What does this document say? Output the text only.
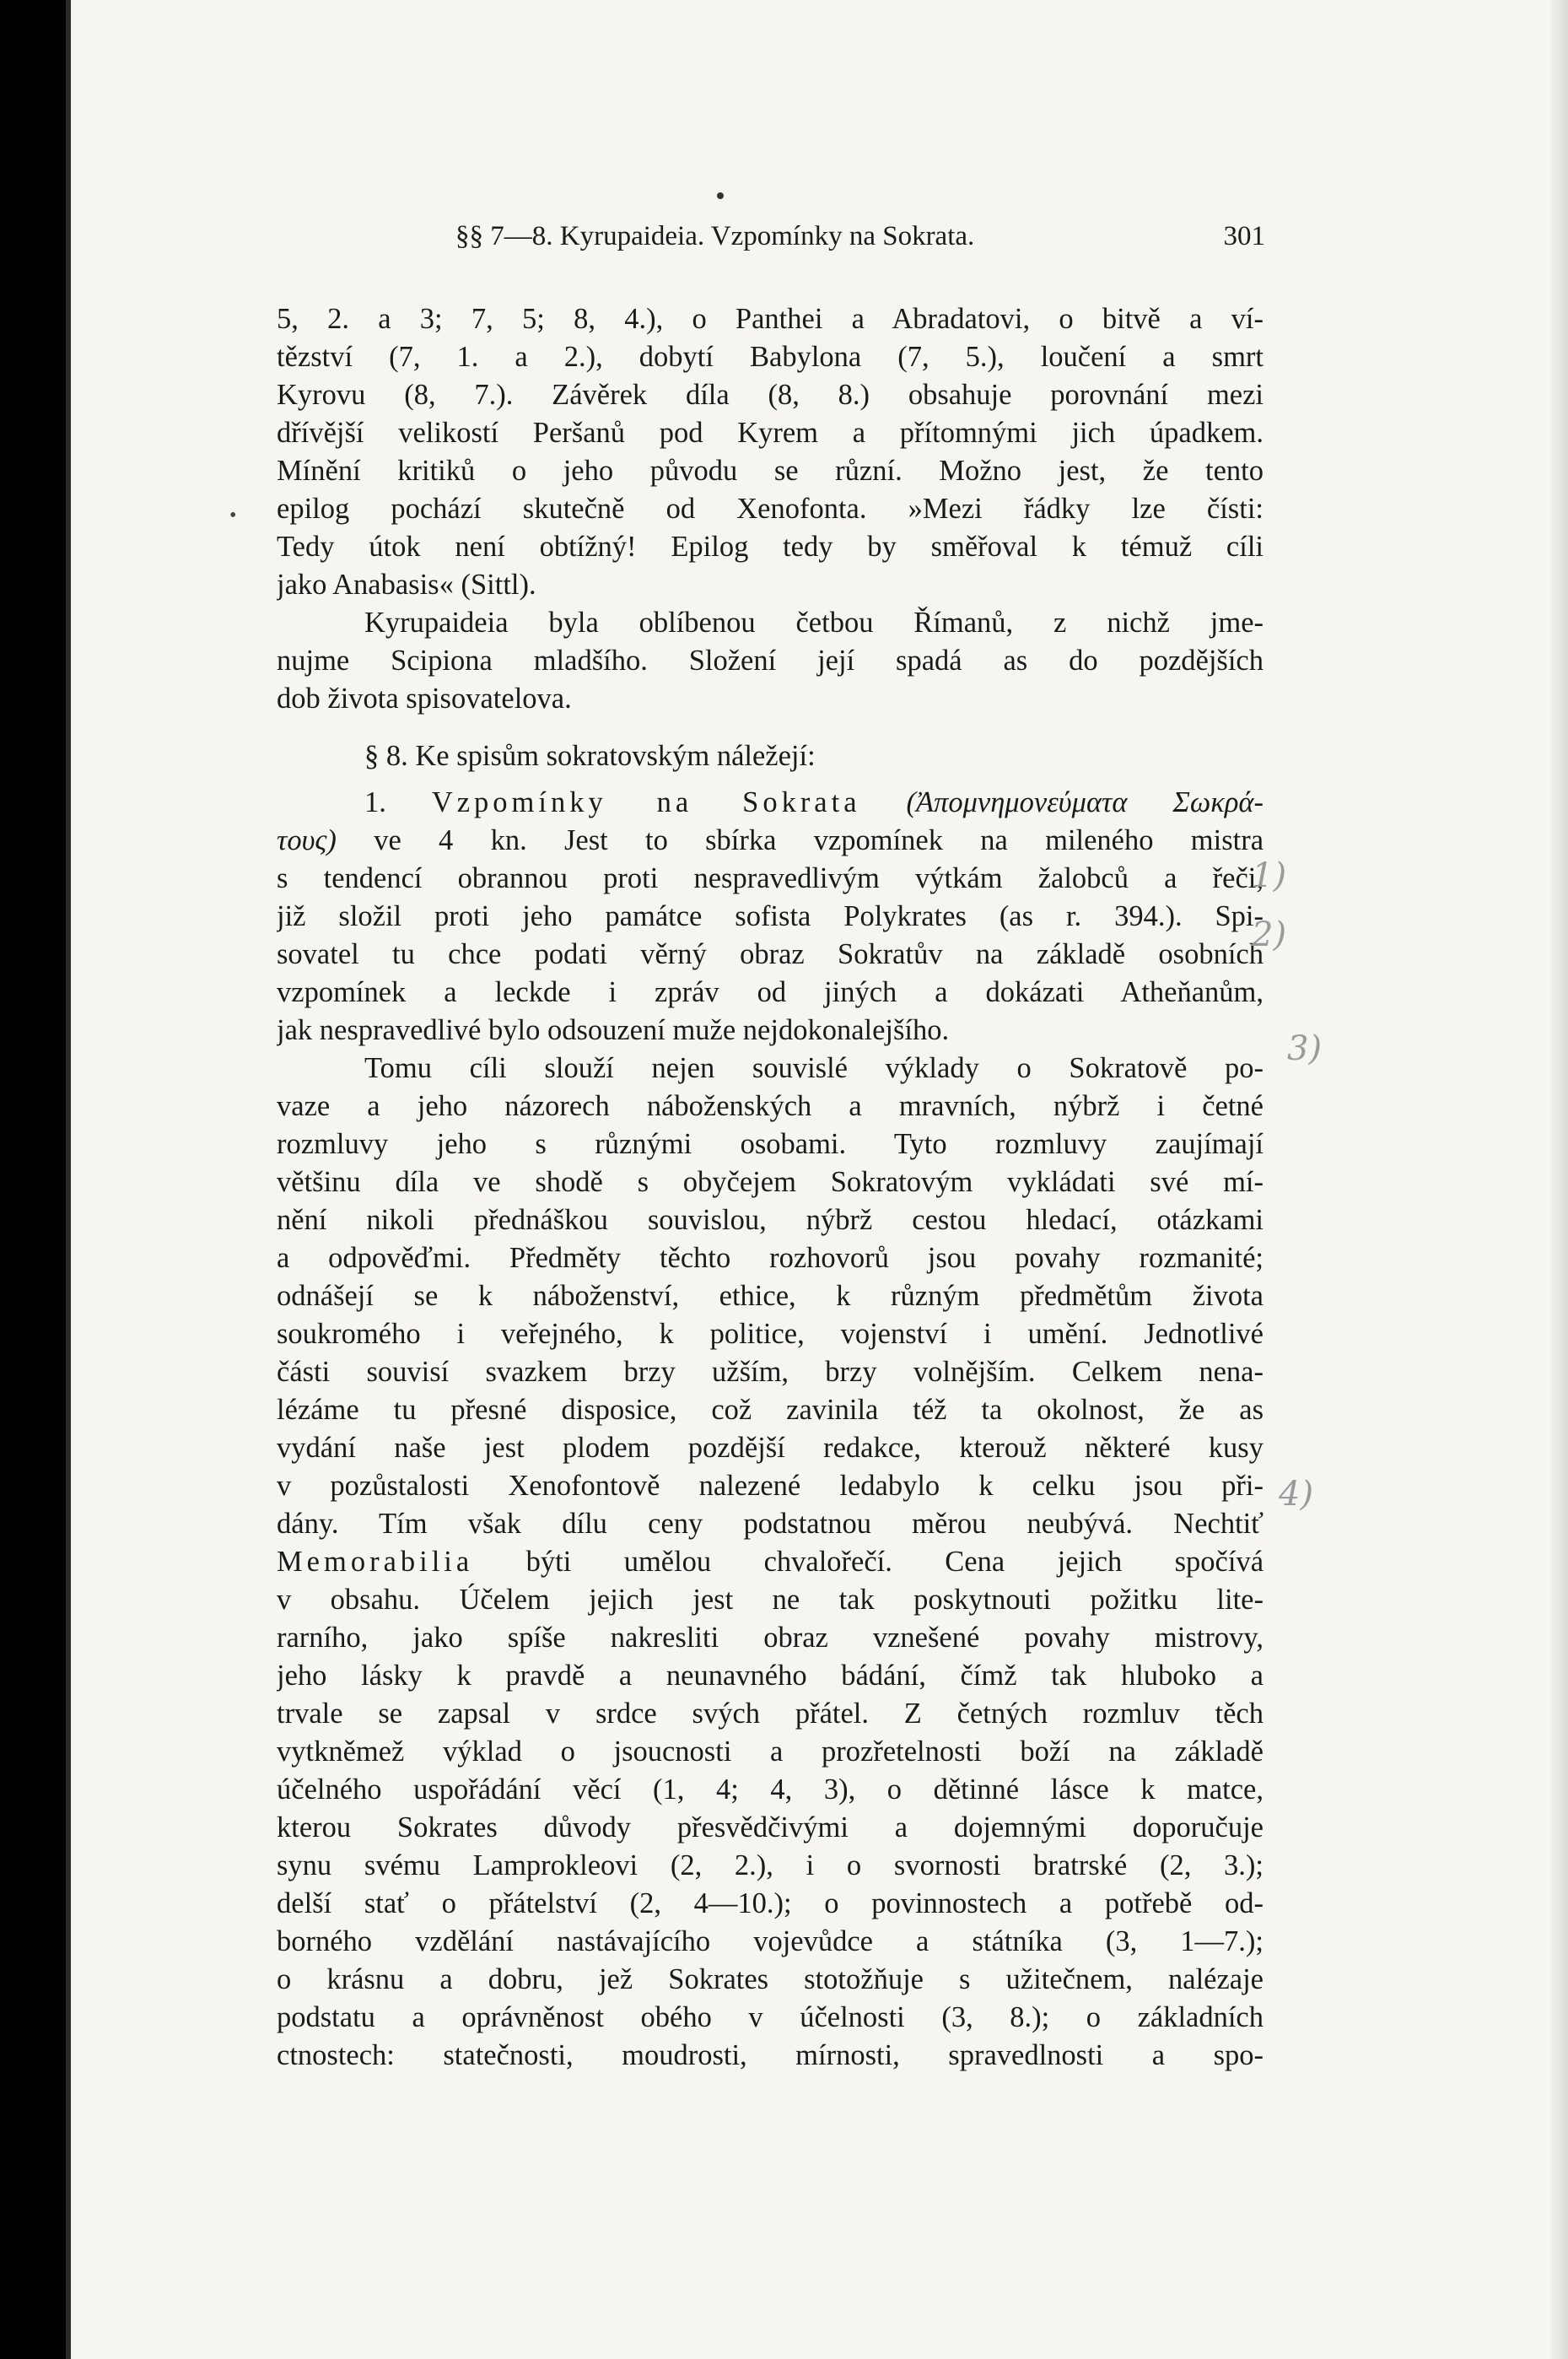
§§ 7—8. Kyrupaideia. Vzpomínky na Sokrata.	301
•
5, 2. a 3; 7, 5; 8, 4.), o Panthei a Abradatovi, o bitvě a ví-
tězství (7, 1. a 2.), dobytí Babylona (7, 5.), loučení a smrt
Kyrovu (8, 7.). Závěrek díla (8, 8.) obsahuje porovnání mezi
dřívější velikostí Peršanů pod Kyrem a přítomnými jich úpadkem.
Mínění kritiků o jeho původu se různí. Možno jest, že tento
epilog pochází skutečně od Xenofonta. »Mezi řádky lze čísti:
Tedy útok není obtížný! Epilog tedy by směřoval k témuž cíli
jako Anabasis« (Sittl).
Kyrupaideia byla oblíbenou četbou Římanů, z nichž jme-
nujme Scipiona mladšího. Složení její spadá as do pozdějších
dob života spisovatelova.
§ 8. Ke spisům sokratovským náležejí:
1. Vzpomínky na Sokrata (Ἀπομνημονεύματα Σωκρά-
τους) ve 4 kn. Jest to sbírka vzpomínek na mileného mistra
s tendencí obrannou proti nespravedlivým výtkám žalobců a řeči,
již složil proti jeho památce sofista Polykrates (as r. 394.). Spi-
sovatel tu chce podati věrný obraz Sokratův na základě osobních
vzpomínek a leckde i zpráv od jiných a dokázati Atheňanům,
jak nespravedlivé bylo odsouzení muže nejdokonalejšího.
Tomu cíli slouží nejen souvislé výklady o Sokratově po-
vaze a jeho názorech náboženských a mravních, nýbrž i četné
rozmluvy jeho s různými osobami. Tyto rozmluvy zaujímají
většinu díla ve shodě s obyčejem Sokratovým vykládati své mí-
nění nikoli přednáškou souvislou, nýbrž cestou hledací, otázkami
a odpověďmi. Předměty těchto rozhovorů jsou povahy rozmanité;
odnášejí se k náboženství, ethice, k různým předmětům života
soukromého i veřejného, k politice, vojenství i umění. Jednotlivé
části souvisí svazkem brzy užším, brzy volnějším. Celkem nena-
lézáme tu přesné disposice, což zavinila též ta okolnost, že as
vydání naše jest plodem pozdější redakce, kterouž některé kusy
v pozůstalosti Xenofontově nalezené ledabylo k celku jsou při-
dány. Tím však dílu ceny podstatnou měrou neubývá. Nechtiť
Memorabilia býti umělou chvalořečí. Cena jejich spočívá
v obsahu. Účelem jejich jest ne tak poskytnouti požitku lite-
rarního, jako spíše nakresliti obraz vznešené povahy mistrovy,
jeho lásky k pravdě a neunavného bádání, čímž tak hluboko a
trvale se zapsal v srdce svých přátel. Z četných rozmluv těch
vytkněmež výklad o jsoucnosti a prozřetelnosti boží na základě
účelného uspořádání věcí (1, 4; 4, 3), o dětinné lásce k matce,
kterou Sokrates důvody přesvědčivými a dojemnými doporučuje
synu svému Lamprokleovi (2, 2.), i o svornosti bratrské (2, 3.);
delší stať o přátelství (2, 4—10.); o povinnostech a potřebě od-
borného vzdělání nastávajícího vojevůdce a státníka (3, 1—7.);
o krásnu a dobru, jež Sokrates stotožňuje s užitečnem, nalézaje
podstatu a oprávněnost obého v účelnosti (3, 8.); o základních
ctnostech: statečnosti, moudrosti, mírnosti, spravedlnosti a spo-
1)
2)
3)
4)
